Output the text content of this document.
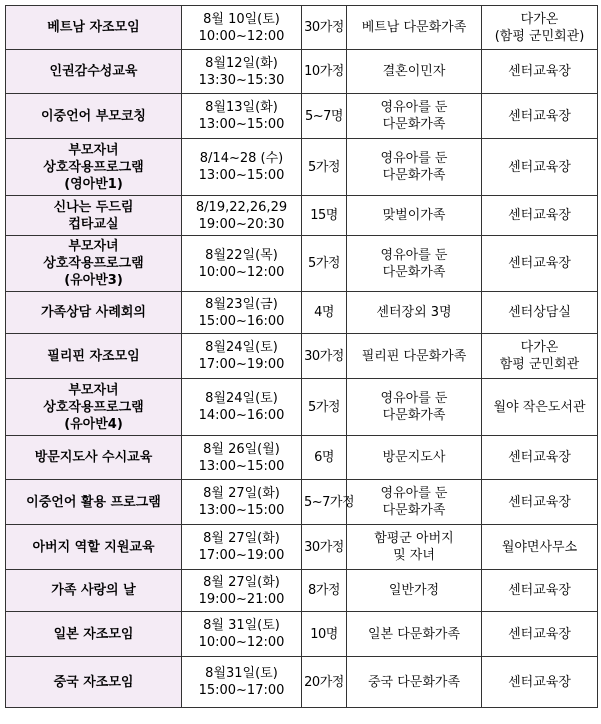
베트남 자조모임	8월 10일(토)
10:00~12:00	30가정	베트남 다문화가족	다가온
(함평 군민회관)

인권감수성교육	8월12일(화)
13:30~15:30	10가정	결혼이민자	센터교육장

이중언어 부모코칭	8월13일(화)
13:00~15:00	5~7명	영유아를 둔
다문화가족	센터교육장

부모자녀
상호작용프로그램
(영아반1)	8/14~28 (수)
13:00~15:00	5가정	영유아를 둔
다문화가족	센터교육장

신나는 두드림
컵타교실	8/19,22,26,29
19:00~20:30	15명	맞벌이가족	센터교육장

부모자녀
상호작용프로그램
(유아반3)	8월22일(목)
10:00~12:00	5가정	영유아를 둔
다문화가족	센터교육장

가족상담 사례회의	8월23일(금)
15:00~16:00	4명	센터장외 3명	센터상담실

필리핀 자조모임	8월24일(토)
17:00~19:00	30가정	필리핀 다문화가족	다가온
함평 군민회관

부모자녀
상호작용프로그램
(유아반4)	8월24일(토)
14:00~16:00	5가정	영유아를 둔
다문화가족	월야 작은도서관

방문지도사 수시교육	8월 26일(월)
13:00~15:00	6명	방문지도사	센터교육장

이중언어 활용 프로그램	8월 27일(화)
13:00~15:00	5~7가정	영유아를 둔
다문화가족	센터교육장

아버지 역할 지원교육	8월 27일(화)
17:00~19:00	30가정	함평군 아버지
및 자녀	월야면사무소

가족 사랑의 날	8월 27일(화)
19:00~21:00	8가정	일반가정	센터교육장

일본 자조모임	8월 31일(토)
10:00~12:00	10명	일본 다문화가족	센터교육장

중국 자조모임	8월31일(토)
15:00~17:00	20가정	중국 다문화가족	센터교육장
